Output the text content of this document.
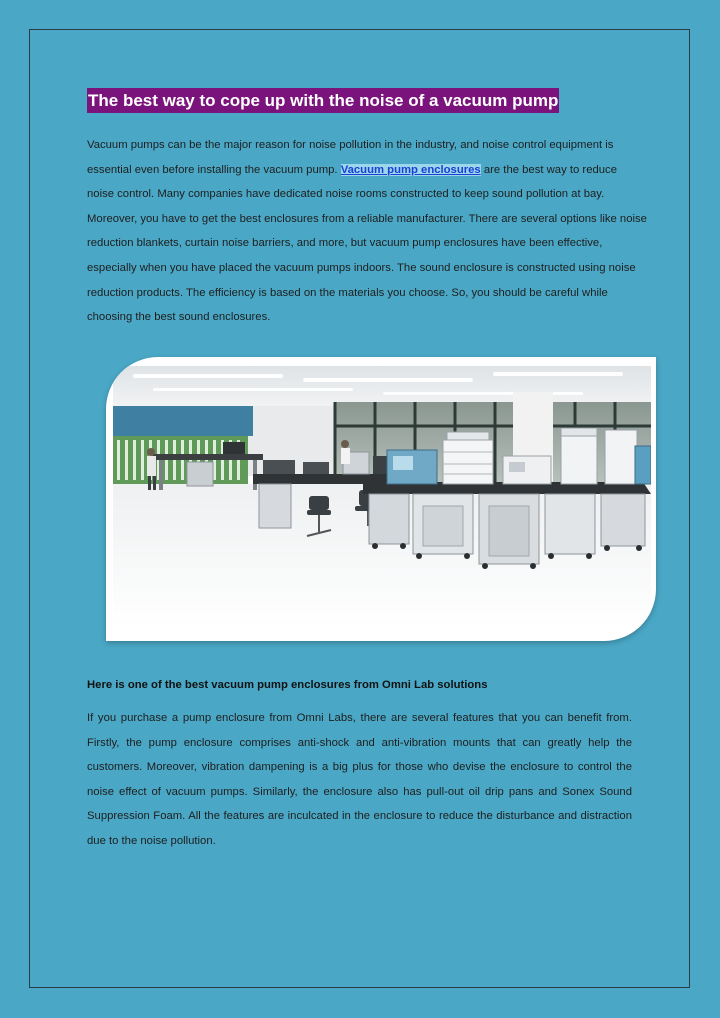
The best way to cope up with the noise of a vacuum pump

Vacuum pumps can be the major reason for noise pollution in the industry, and noise control equipment is essential even before installing the vacuum pump. Vacuum pump enclosures are the best way to reduce noise control. Many companies have dedicated noise rooms constructed to keep sound pollution at bay. Moreover, you have to get the best enclosures from a reliable manufacturer. There are several options like noise reduction blankets, curtain noise barriers, and more, but vacuum pump enclosures have been effective, especially when you have placed the vacuum pumps indoors. The sound enclosure is constructed using noise reduction products. The efficiency is based on the materials you choose. So, you should be careful while choosing the best sound enclosures.

Here is one of the best vacuum pump enclosures from Omni Lab solutions

If you purchase a pump enclosure from Omni Labs, there are several features that you can benefit from. Firstly, the pump enclosure comprises anti-shock and anti-vibration mounts that can greatly help the customers. Moreover, vibration dampening is a big plus for those who devise the enclosure to control the noise effect of vacuum pumps. Similarly, the enclosure also has pull-out oil drip pans and Sonex Sound Suppression Foam. All the features are inculcated in the enclosure to reduce the disturbance and distraction due to the noise pollution.
